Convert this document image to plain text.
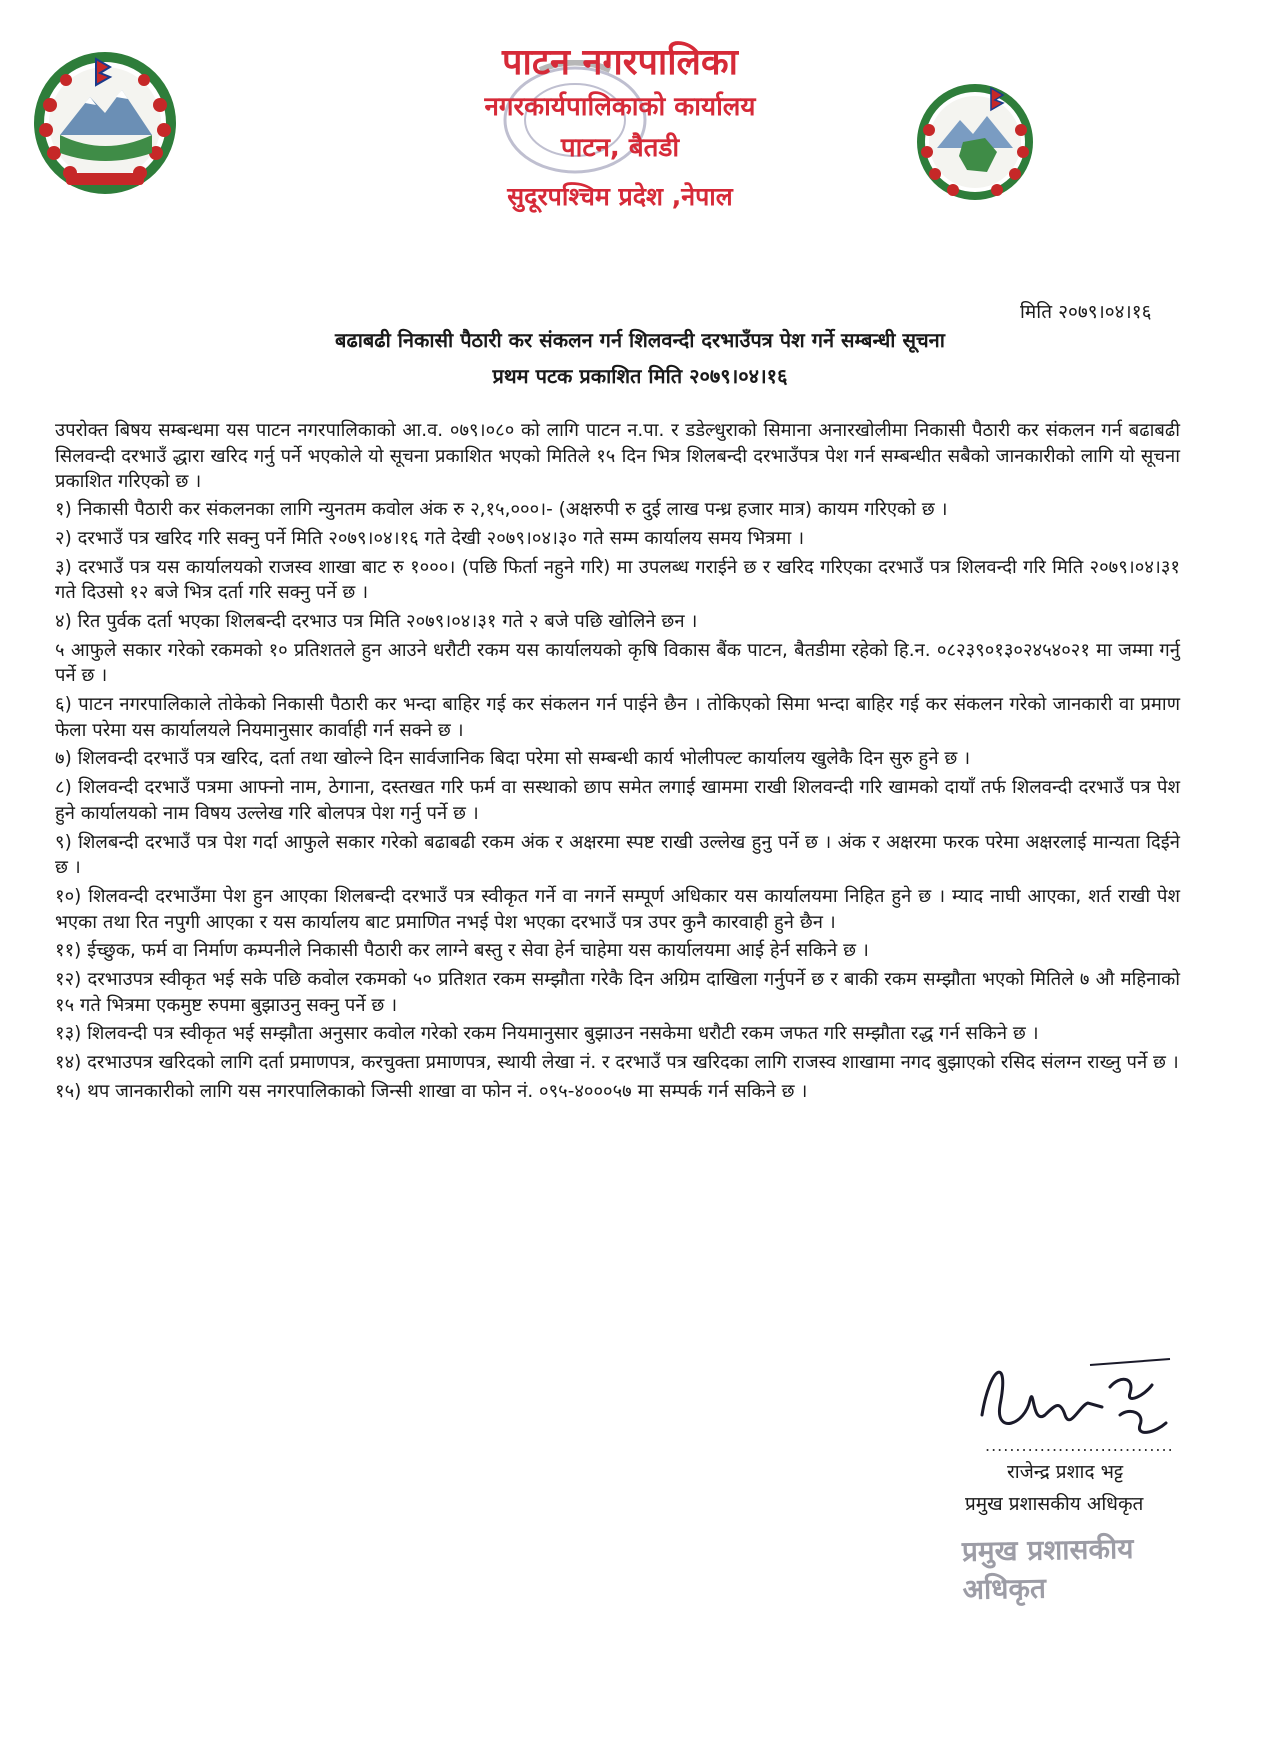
पाटन नगरपालिका
नगरकार्यपालिकाको कार्यालय
पाटन, बैतडी
सुदूरपश्चिम प्रदेश ,नेपाल
मिति २०७९।०४।१६
बढाबढी निकासी पैठारी कर संकलन गर्न शिलवन्दी दरभाउँपत्र पेश गर्ने सम्बन्धी सूचना
प्रथम पटक प्रकाशित मिति २०७९।०४।१६

उपरोक्त बिषय सम्बन्धमा यस पाटन नगरपालिकाको आ.व. ०७९।०८० को लागि पाटन न.पा. र डडेल्धुराको सिमाना अनारखोलीमा निकासी पैठारी कर संकलन गर्न बढाबढी सिलवन्दी दरभाउँ द्धारा खरिद गर्नु पर्ने भएकोले यो सूचना प्रकाशित भएको मितिले १५ दिन भित्र शिलबन्दी दरभाउँपत्र पेश गर्न सम्बन्धीत सबैको जानकारीको लागि यो सूचना प्रकाशित गरिएको छ ।

१) निकासी पैठारी कर संकलनका लागि न्युनतम कवोल अंक रु २,१५,०००।- (अक्षरुपी रु दुई लाख पन्ध्र हजार मात्र) कायम गरिएको छ ।

२) दरभाउँ पत्र खरिद गरि सक्नु पर्ने मिति २०७९।०४।१६ गते देखी २०७९।०४।३० गते सम्म कार्यालय समय भित्रमा ।

३) दरभाउँ पत्र यस कार्यालयको राजस्व शाखा बाट रु १०००। (पछि फिर्ता नहुने गरि) मा उपलब्ध गराईने छ र खरिद गरिएका दरभाउँ पत्र शिलवन्दी गरि मिति २०७९।०४।३१ गते दिउसो १२ बजे भित्र दर्ता गरि सक्नु पर्ने छ ।

४) रित पुर्वक दर्ता भएका शिलबन्दी दरभाउ पत्र मिति २०७९।०४।३१ गते २ बजे पछि खोलिने छन ।

५ आफुले सकार गरेको रकमको १० प्रतिशतले हुन आउने धरौटी रकम यस कार्यालयको कृषि विकास बैंक पाटन, बैतडीमा रहेको हि.न. ०८२३९०१३०२४५४०२१ मा जम्मा गर्नु पर्ने छ ।

६) पाटन नगरपालिकाले तोकेको निकासी पैठारी कर भन्दा बाहिर गई कर संकलन गर्न पाईने छैन । तोकिएको सिमा भन्दा बाहिर गई कर संकलन गरेको जानकारी वा प्रमाण फेला परेमा यस कार्यालयले नियमानुसार कार्वाही गर्न सक्ने छ ।

७) शिलवन्दी दरभाउँ पत्र खरिद, दर्ता तथा खोल्ने दिन सार्वजानिक बिदा परेमा सो सम्बन्धी कार्य भोलीपल्ट कार्यालय खुलेकै दिन सुरु हुने छ ।

८) शिलवन्दी दरभाउँ पत्रमा आफ्नो नाम, ठेगाना, दस्तखत गरि फर्म वा सस्थाको छाप समेत लगाई खाममा राखी शिलवन्दी गरि खामको दायाँ तर्फ शिलवन्दी दरभाउँ पत्र पेश हुने कार्यालयको नाम विषय उल्लेख गरि बोलपत्र पेश गर्नु पर्ने छ ।

९) शिलबन्दी दरभाउँ पत्र पेश गर्दा आफुले सकार गरेको बढाबढी रकम अंक र अक्षरमा स्पष्ट राखी उल्लेख हुनु पर्ने छ । अंक र अक्षरमा फरक परेमा अक्षरलाई मान्यता दिईने छ ।

१०) शिलवन्दी दरभाउँमा पेश हुन आएका शिलबन्दी दरभाउँ पत्र स्वीकृत गर्ने वा नगर्ने सम्पूर्ण अधिकार यस कार्यालयमा निहित हुने छ । म्याद नाघी आएका, शर्त राखी पेश भएका तथा रित नपुगी आएका र यस कार्यालय बाट प्रमाणित नभई पेश भएका दरभाउँ पत्र उपर कुनै कारवाही हुने छैन ।

११) ईच्छुक, फर्म वा निर्माण कम्पनीले निकासी पैठारी कर लाग्ने बस्तु र सेवा हेर्न चाहेमा यस कार्यालयमा आई हेर्न सकिने छ ।

१२) दरभाउपत्र स्वीकृत भई सके पछि कवोल रकमको ५० प्रतिशत रकम सम्झौता गरेकै दिन अग्रिम दाखिला गर्नुपर्ने छ र बाकी रकम सम्झौता भएको मितिले ७ औ महिनाको १५ गते भित्रमा एकमुष्ट रुपमा बुझाउनु सक्नु पर्ने छ ।

१३) शिलवन्दी पत्र स्वीकृत भई सम्झौता अनुसार कवोल गरेको रकम नियमानुसार बुझाउन नसकेमा धरौटी रकम जफत गरि सम्झौता रद्ध गर्न सकिने छ ।

१४) दरभाउपत्र खरिदको लागि दर्ता प्रमाणपत्र, करचुक्ता प्रमाणपत्र, स्थायी लेखा नं. र दरभाउँ पत्र खरिदका लागि राजस्व शाखामा नगद बुझाएको रसिद संलग्न राख्नु पर्ने छ ।

१५) थप जानकारीको लागि यस नगरपालिकाको जिन्सी शाखा वा फोन नं. ०९५-४०००५७ मा सम्पर्क गर्न सकिने छ ।

...............................
राजेन्द्र प्रशाद भट्ट
प्रमुख प्रशासकीय अधिकृत
प्रमुख प्रशासकीय अधिकृत
